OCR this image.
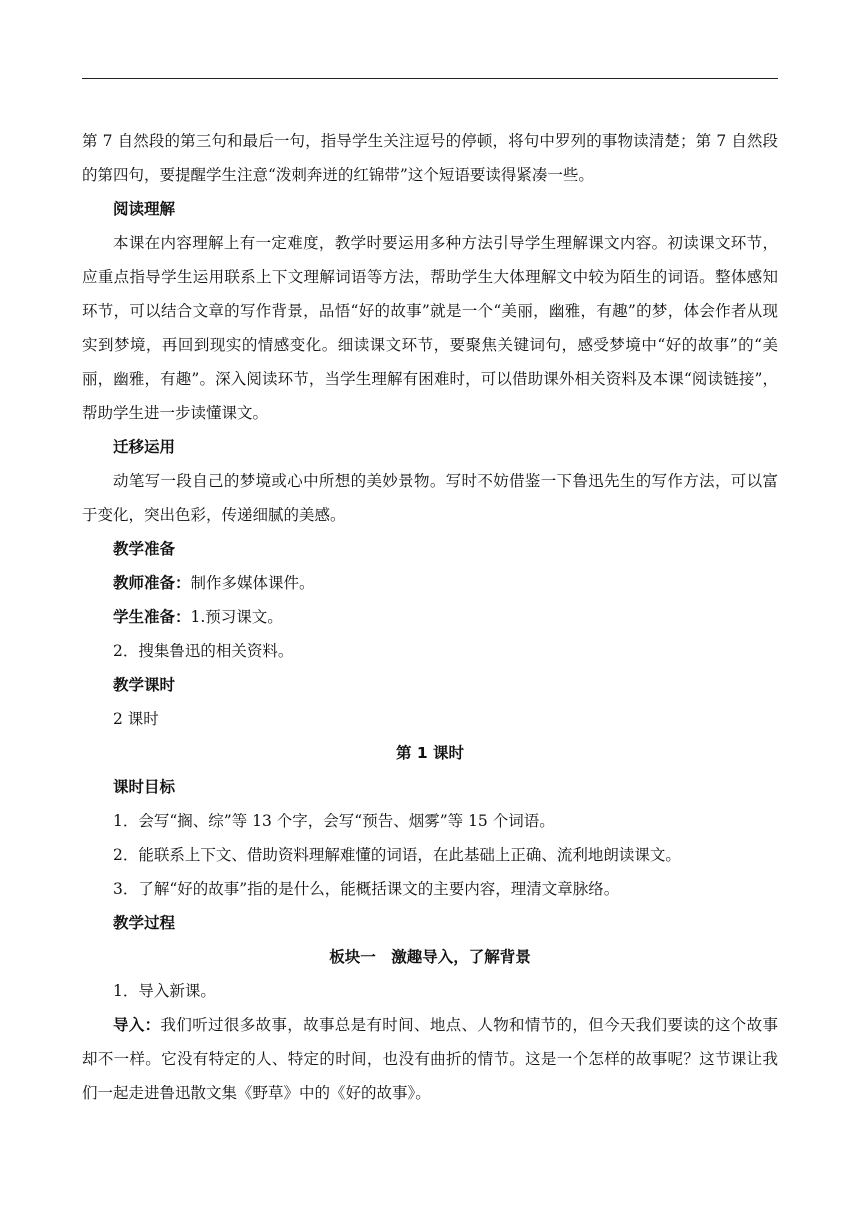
第 7 自然段的第三句和最后一句，指导学生关注逗号的停顿，将句中罗列的事物读清楚；第 7 自然段的第四句，要提醒学生注意“泼刺奔迸的红锦带”这个短语要读得紧凑一些。

阅读理解

本课在内容理解上有一定难度，教学时要运用多种方法引导学生理解课文内容。初读课文环节，应重点指导学生运用联系上下文理解词语等方法，帮助学生大体理解文中较为陌生的词语。整体感知环节，可以结合文章的写作背景，品悟“好的故事”就是一个“美丽，幽雅，有趣”的梦，体会作者从现实到梦境，再回到现实的情感变化。细读课文环节，要聚焦关键词句，感受梦境中“好的故事”的“美丽，幽雅，有趣”。深入阅读环节，当学生理解有困难时，可以借助课外相关资料及本课“阅读链接”，帮助学生进一步读懂课文。

迁移运用

动笔写一段自己的梦境或心中所想的美妙景物。写时不妨借鉴一下鲁迅先生的写作方法，可以富于变化，突出色彩，传递细腻的美感。

教学准备

教师准备：制作多媒体课件。

学生准备：1.预习课文。

2．搜集鲁迅的相关资料。

教学课时

2 课时

第 1 课时

课时目标

1．会写“搁、综”等 13 个字，会写“预告、烟雾”等 15 个词语。

2．能联系上下文、借助资料理解难懂的词语，在此基础上正确、流利地朗读课文。

3．了解“好的故事”指的是什么，能概括课文的主要内容，理清文章脉络。

教学过程

板块一　激趣导入，了解背景

1．导入新课。

导入：我们听过很多故事，故事总是有时间、地点、人物和情节的，但今天我们要读的这个故事却不一样。它没有特定的人、特定的时间，也没有曲折的情节。这是一个怎样的故事呢？这节课让我们一起走进鲁迅散文集《野草》中的《好的故事》。
